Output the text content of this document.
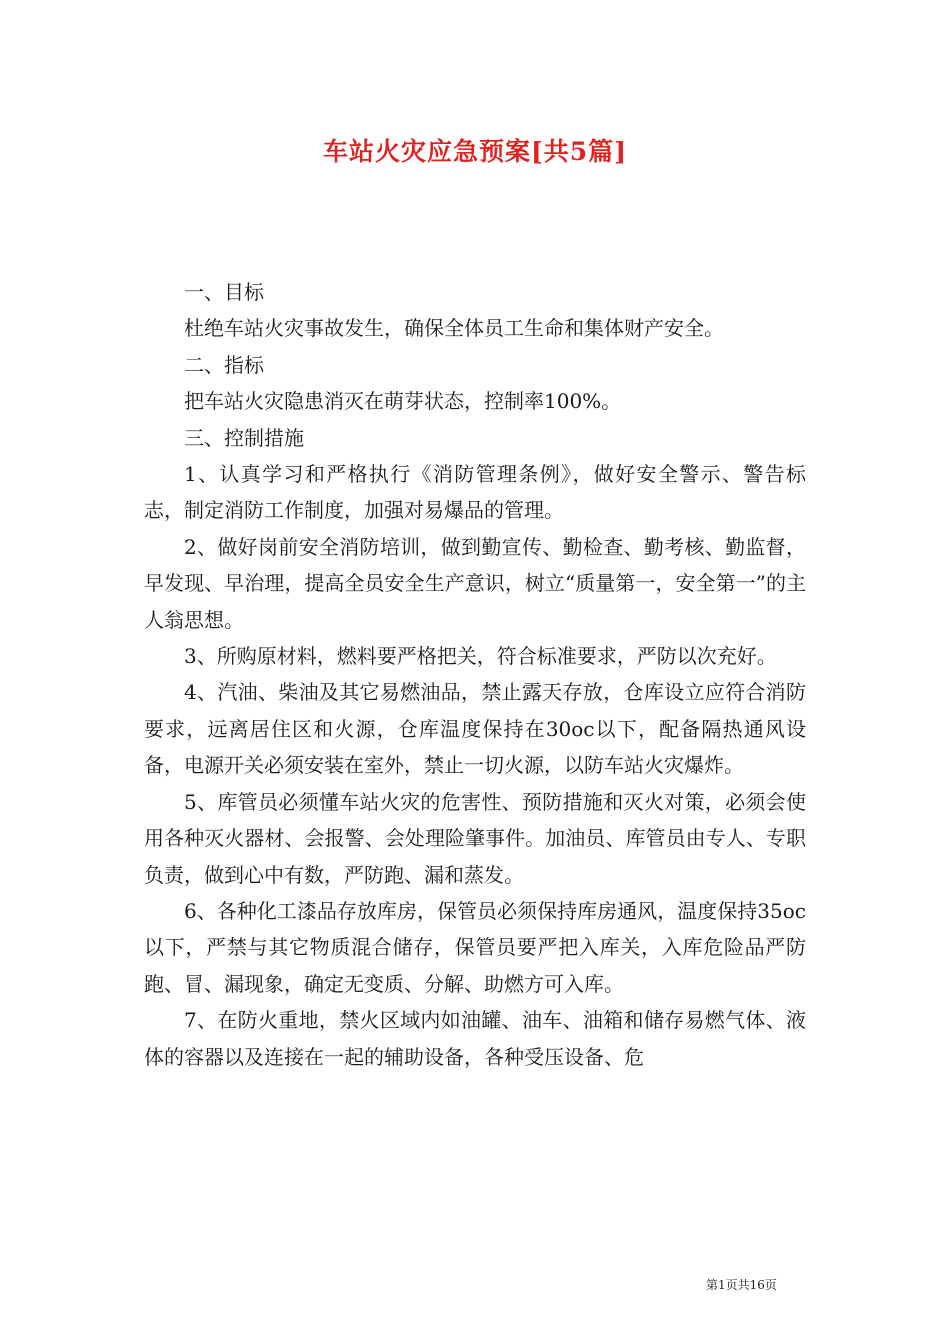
车站火灾应急预案[共5篇]

一、目标

杜绝车站火灾事故发生，确保全体员工生命和集体财产安全。

二、指标

把车站火灾隐患消灭在萌芽状态，控制率100%。

三、控制措施

1、认真学习和严格执行《消防管理条例》，做好安全警示、警告标志，制定消防工作制度，加强对易爆品的管理。

2、做好岗前安全消防培训，做到勤宣传、勤检查、勤考核、勤监督，早发现、早治理，提高全员安全生产意识，树立“质量第一，安全第一”的主人翁思想。

3、所购原材料，燃料要严格把关，符合标准要求，严防以次充好。

4、汽油、柴油及其它易燃油品，禁止露天存放，仓库设立应符合消防要求，远离居住区和火源，仓库温度保持在30oc以下，配备隔热通风设备，电源开关必须安装在室外，禁止一切火源，以防车站火灾爆炸。

5、库管员必须懂车站火灾的危害性、预防措施和灭火对策，必须会使用各种灭火器材、会报警、会处理险肇事件。加油员、库管员由专人、专职负责，做到心中有数，严防跑、漏和蒸发。

6、各种化工漆品存放库房，保管员必须保持库房通风，温度保持35oc以下，严禁与其它物质混合储存，保管员要严把入库关，入库危险品严防跑、冒、漏现象，确定无变质、分解、助燃方可入库。

7、在防火重地，禁火区域内如油罐、油车、油箱和储存易燃气体、液体的容器以及连接在一起的辅助设备，各种受压设备、危

第1页共16页
